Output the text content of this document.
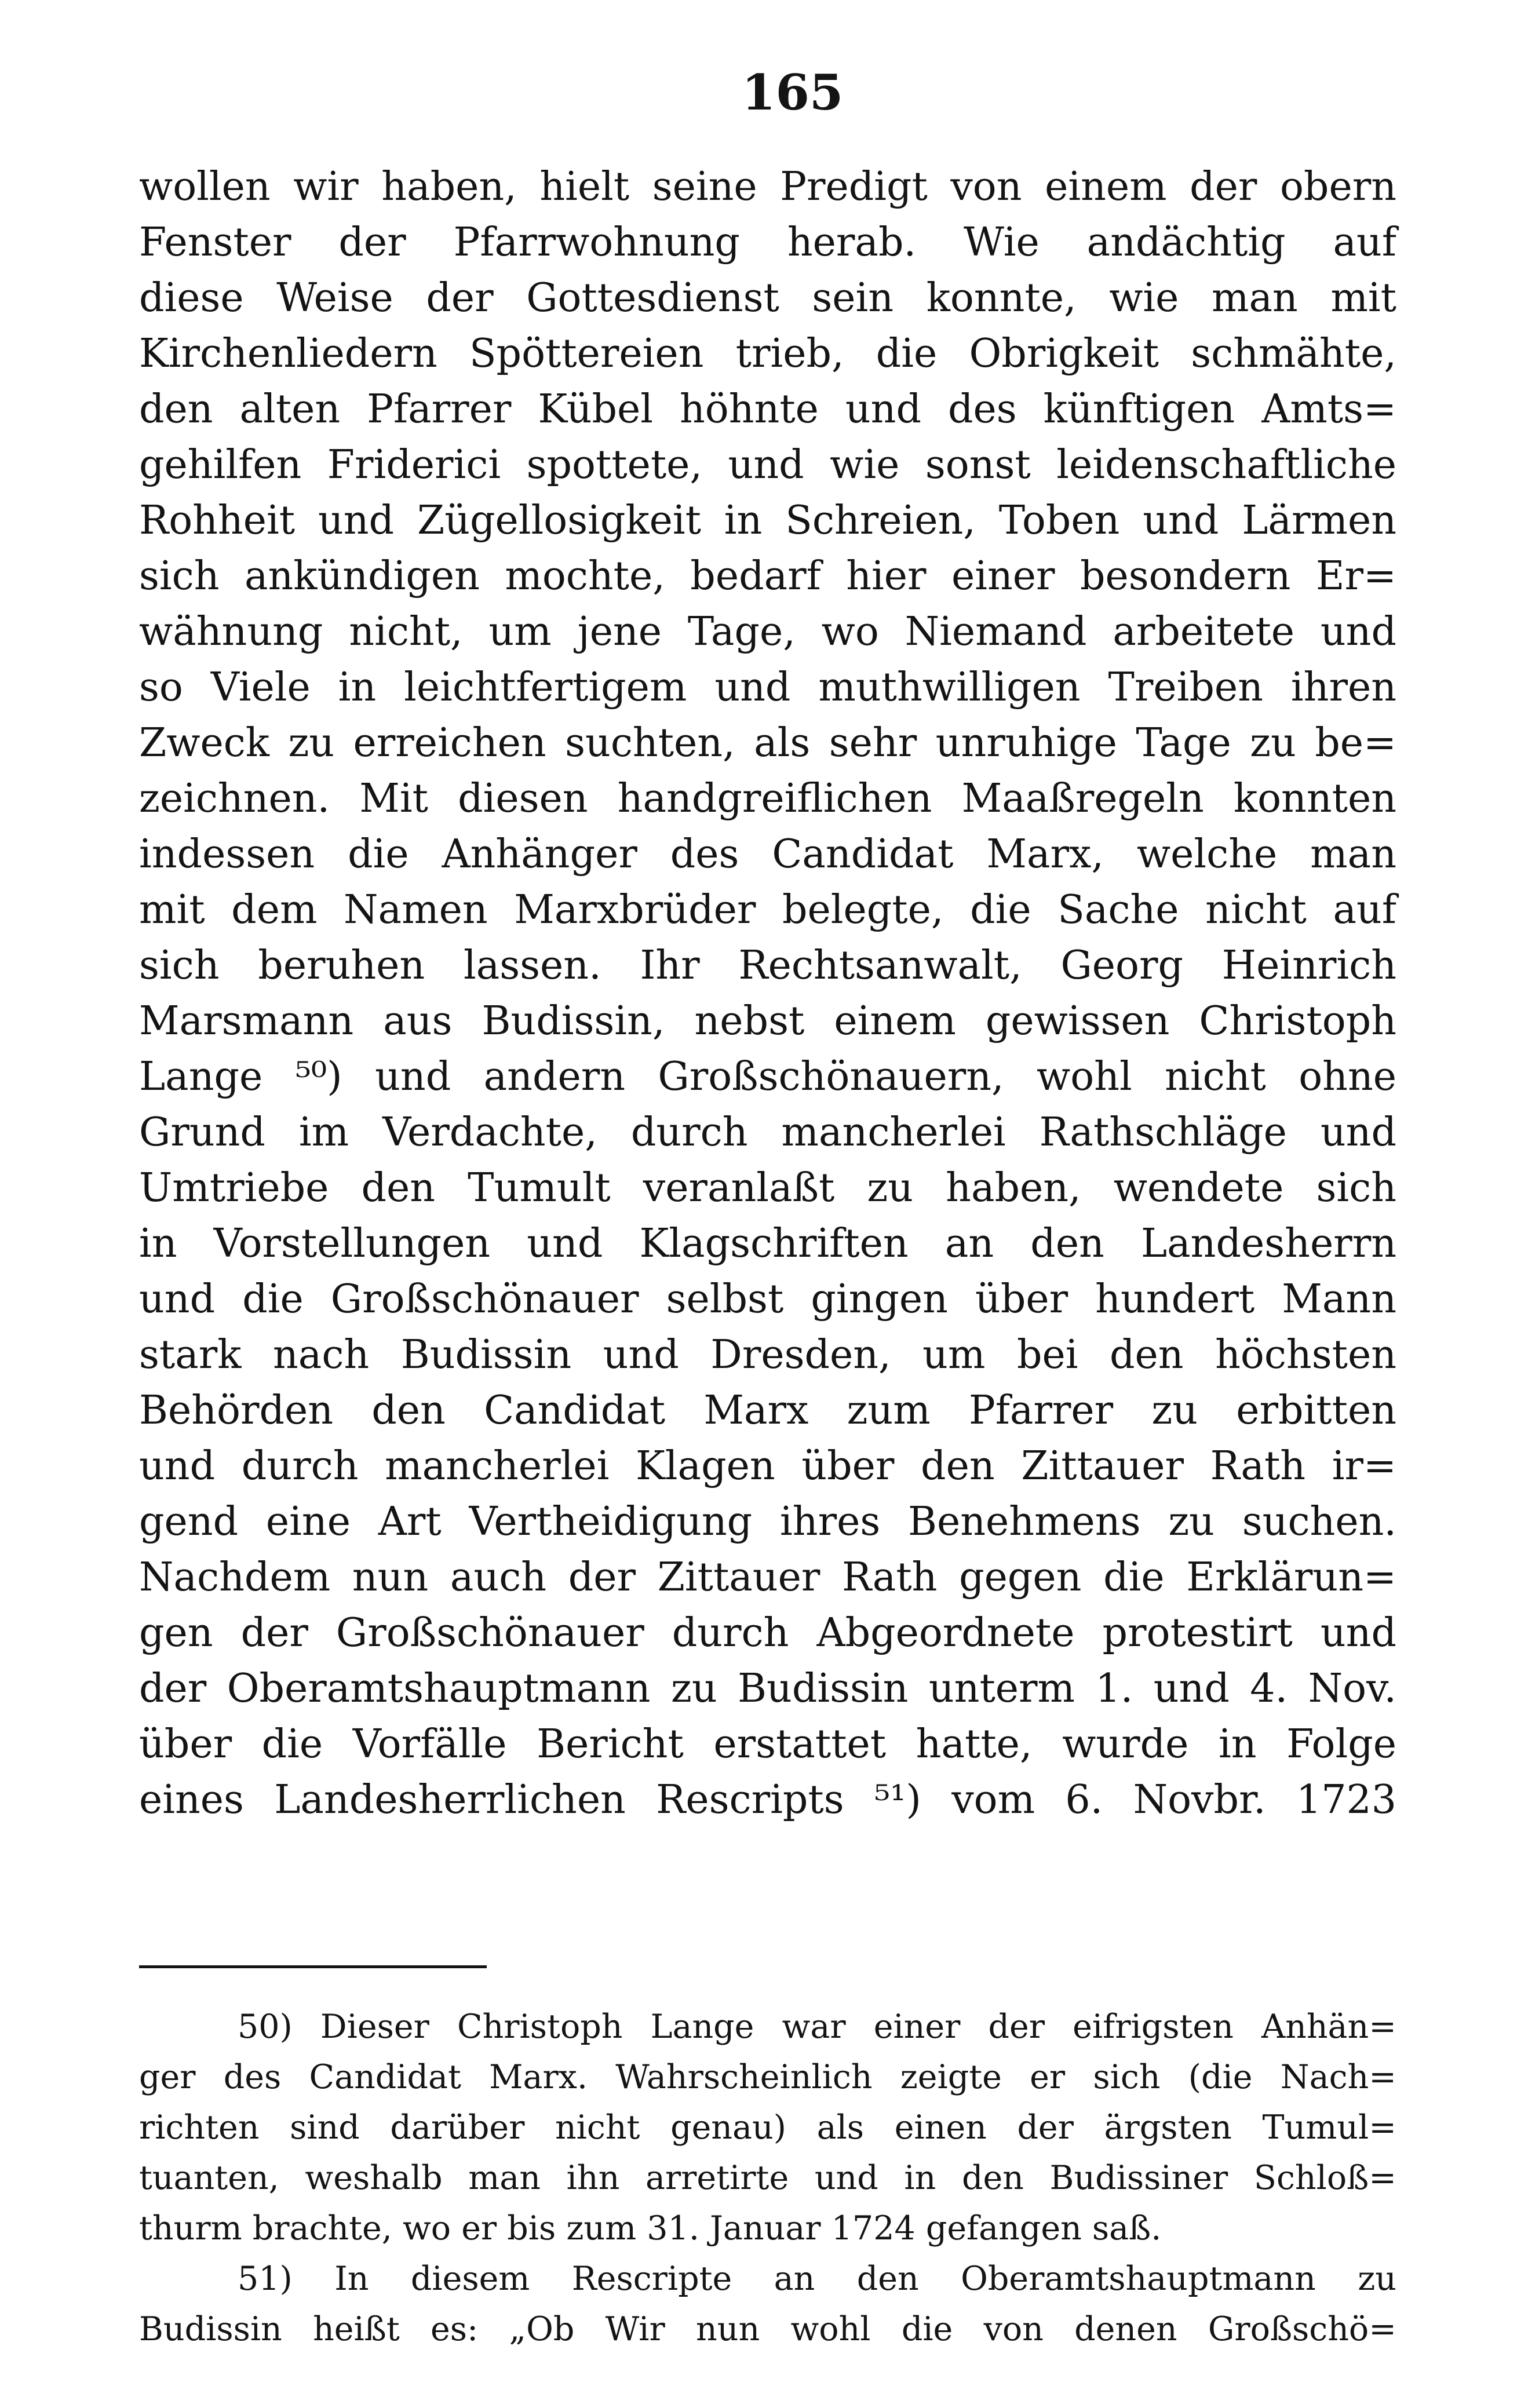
165
wollen wir haben, hielt seine Predigt von einem der obern
Fenster der Pfarrwohnung herab. Wie andächtig auf
diese Weise der Gottesdienst sein konnte, wie man mit
Kirchenliedern Spöttereien trieb, die Obrigkeit schmähte,
den alten Pfarrer Kübel höhnte und des künftigen Amts=
gehilfen Friderici spottete, und wie sonst leidenschaftliche
Rohheit und Zügellosigkeit in Schreien, Toben und Lärmen
sich ankündigen mochte, bedarf hier einer besondern Er=
wähnung nicht, um jene Tage, wo Niemand arbeitete und
so Viele in leichtfertigem und muthwilligen Treiben ihren
Zweck zu erreichen suchten, als sehr unruhige Tage zu be=
zeichnen. Mit diesen handgreiflichen Maaßregeln konnten
indessen die Anhänger des Candidat Marx, welche man
mit dem Namen Marxbrüder belegte, die Sache nicht auf
sich beruhen lassen. Ihr Rechtsanwalt, Georg Heinrich
Marsmann aus Budissin, nebst einem gewissen Christoph
Lange ⁵⁰) und andern Großschönauern, wohl nicht ohne
Grund im Verdachte, durch mancherlei Rathschläge und
Umtriebe den Tumult veranlaßt zu haben, wendete sich
in Vorstellungen und Klagschriften an den Landesherrn
und die Großschönauer selbst gingen über hundert Mann
stark nach Budissin und Dresden, um bei den höchsten
Behörden den Candidat Marx zum Pfarrer zu erbitten
und durch mancherlei Klagen über den Zittauer Rath ir=
gend eine Art Vertheidigung ihres Benehmens zu suchen.
Nachdem nun auch der Zittauer Rath gegen die Erklärun=
gen der Großschönauer durch Abgeordnete protestirt und
der Oberamtshauptmann zu Budissin unterm 1. und 4. Nov.
über die Vorfälle Bericht erstattet hatte, wurde in Folge
eines Landesherrlichen Rescripts ⁵¹) vom 6. Novbr. 1723
50) Dieser Christoph Lange war einer der eifrigsten Anhän=
ger des Candidat Marx. Wahrscheinlich zeigte er sich (die Nach=
richten sind darüber nicht genau) als einen der ärgsten Tumul=
tuanten, weshalb man ihn arretirte und in den Budissiner Schloß=
thurm brachte, wo er bis zum 31. Januar 1724 gefangen saß.
51) In diesem Rescripte an den Oberamtshauptmann zu
Budissin heißt es: „Ob Wir nun wohl die von denen Großschö=
